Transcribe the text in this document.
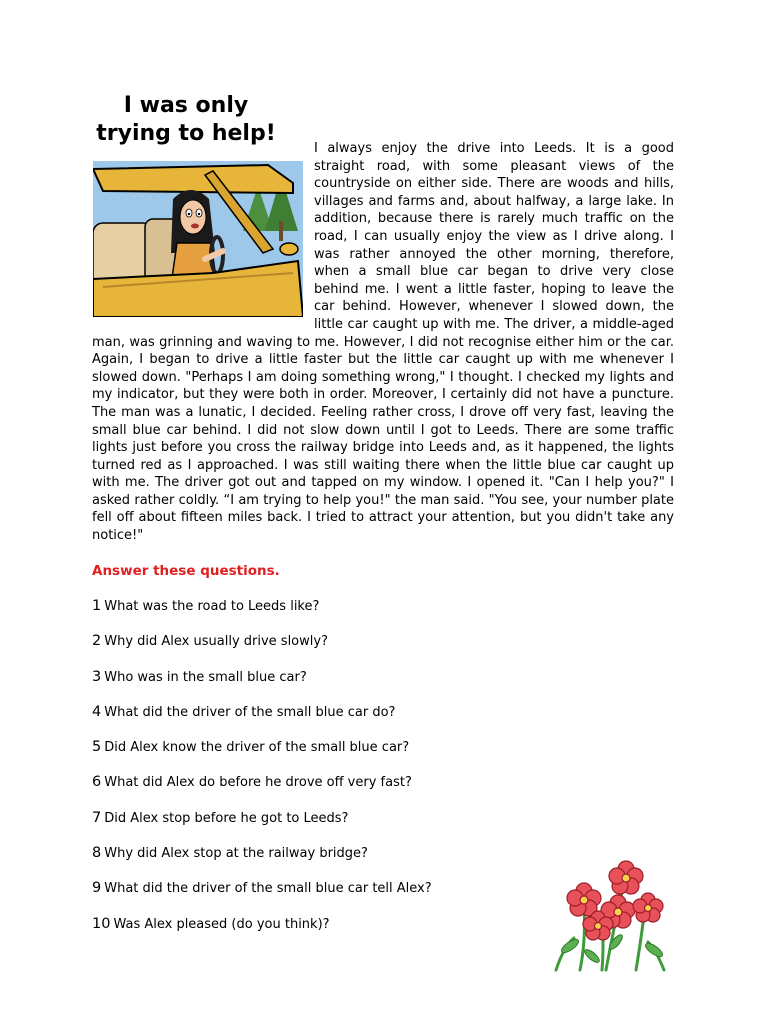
I was only trying to help!
I always enjoy the drive into Leeds. It is a good straight road, with some pleasant views of the countryside on either side. There are woods and hills, villages and farms and, about halfway, a large lake. In addition, because there is rarely much traffic on the road, I can usually enjoy the view as I drive along. I was rather annoyed the other morning, therefore, when a small blue car began to drive very close behind me. I went a little faster, hoping to leave the car behind. However, whenever I slowed down, the little car caught up with me. The driver, a middle-aged man, was grinning and waving to me. However, I did not recognise either him or the car. Again, I began to drive a little faster but the little car caught up with me whenever I slowed down. "Perhaps I am doing something wrong," I thought. I checked my lights and my indicator, but they were both in order. Moreover, I certainly did not have a puncture. The man was a lunatic, I decided. Feeling rather cross, I drove off very fast, leaving the small blue car behind. I did not slow down until I got to Leeds. There are some traffic lights just before you cross the railway bridge into Leeds and, as it happened, the lights turned red as I approached. I was still waiting there when the little blue car caught up with me. The driver got out and tapped on my window. I opened it. "Can I help you?" I asked rather coldly. “I am trying to help you!" the man said. "You see, your number plate fell off about fifteen miles back. I tried to attract your attention, but you didn't take any notice!"
Answer these questions.
1 What was the road to Leeds like?
2 Why did Alex usually drive slowly?
3 Who was in the small blue car?
4 What did the driver of the small blue car do?
5 Did Alex know the driver of the small blue car?
6 What did Alex do before he drove off very fast?
7 Did Alex stop before he got to Leeds?
8 Why did Alex stop at the railway bridge?
9 What did the driver of the small blue car tell Alex?
10 Was Alex pleased (do you think)?
